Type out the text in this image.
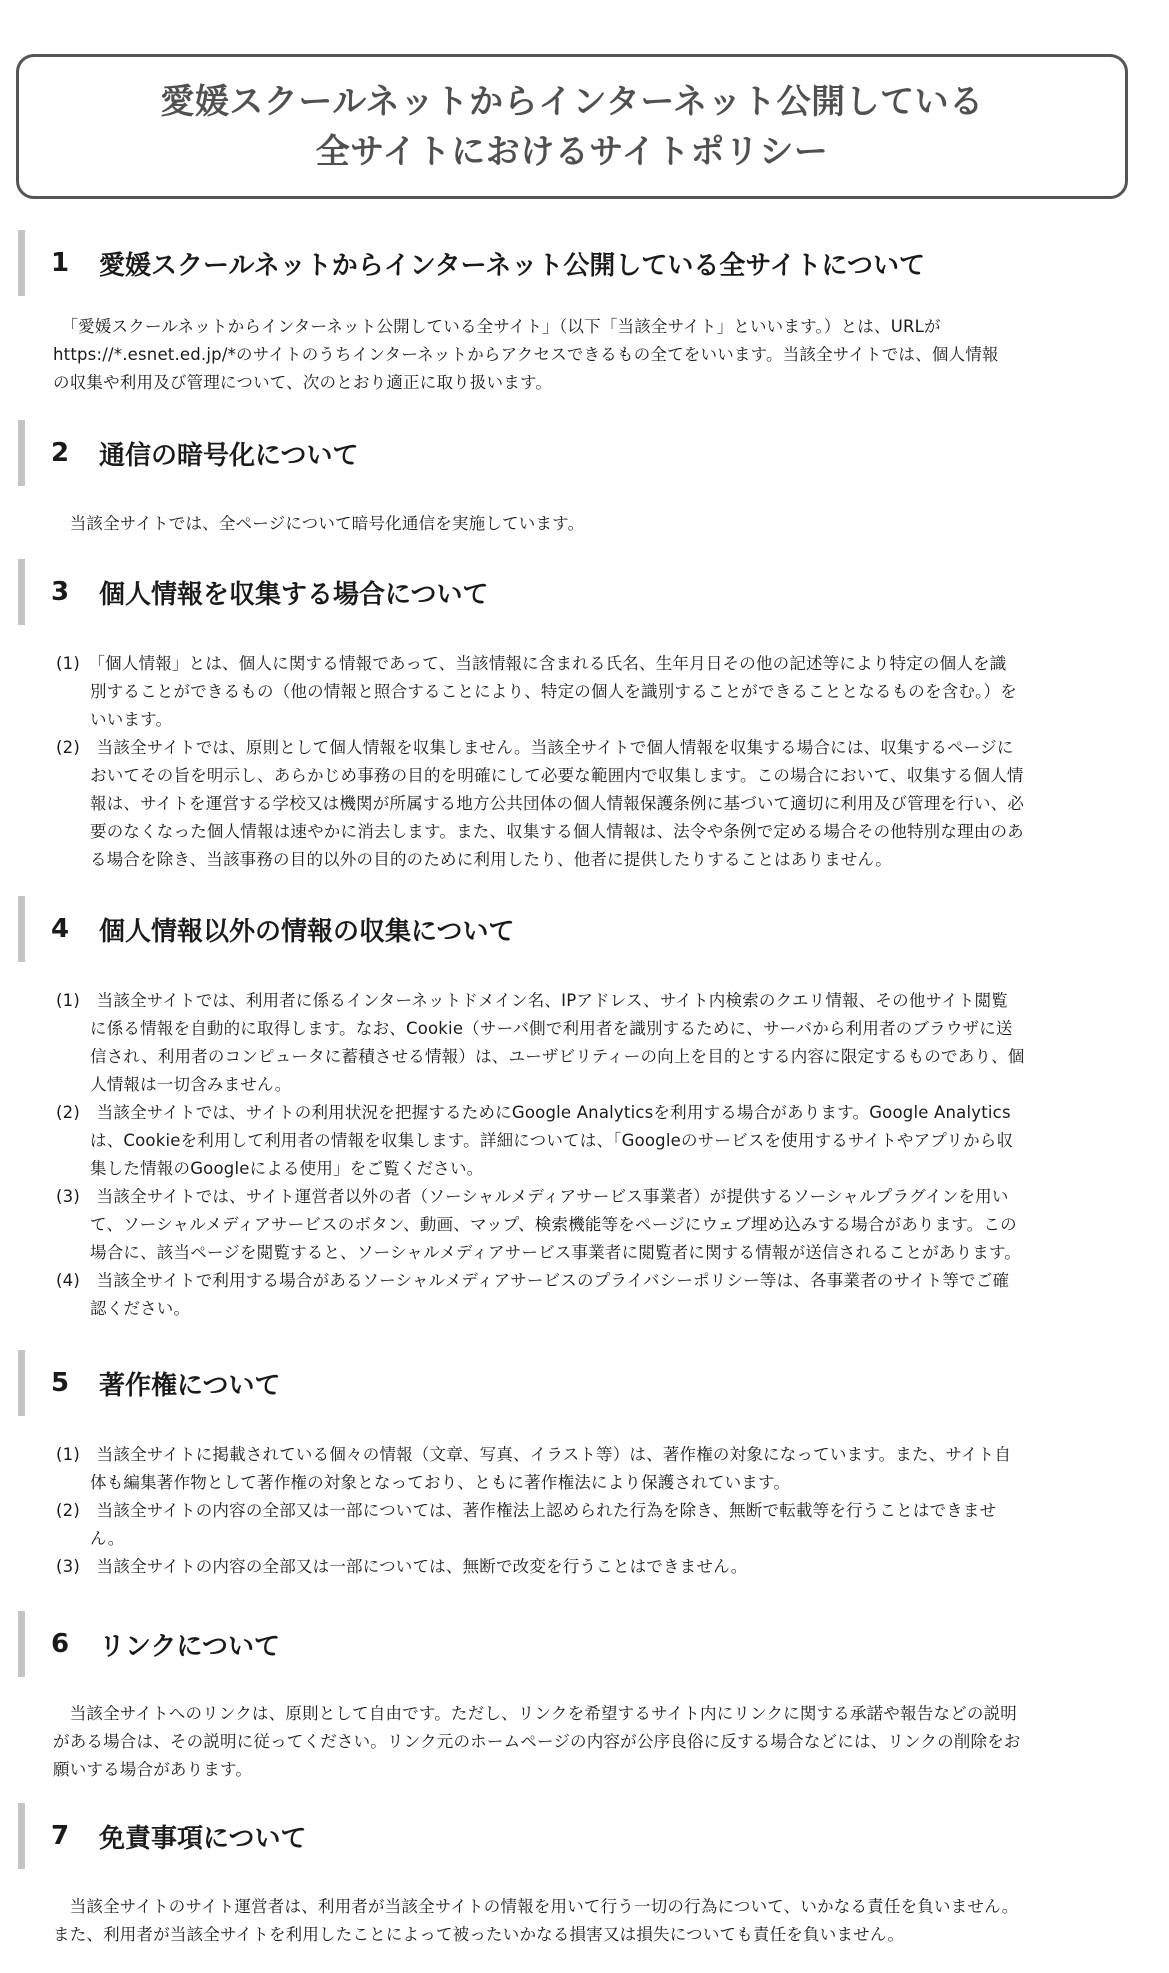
愛媛スクールネットからインターネット公開している
全サイトにおけるサイトポリシー
1	愛媛スクールネットからインターネット公開している全サイトについて
　「愛媛スクールネットからインターネット公開している全サイト」（以下「当該全サイト」といいます。）とは、URLが
https://*.esnet.ed.jp/*のサイトのうちインターネットからアクセスできるもの全てをいいます。当該全サイトでは、個人情報
の収集や利用及び管理について、次のとおり適正に取り扱います。
2	通信の暗号化について
　当該全サイトでは、全ページについて暗号化通信を実施しています。
3	個人情報を収集する場合について
(1)　「個人情報」とは、個人に関する情報であって、当該情報に含まれる氏名、生年月日その他の記述等により特定の個人を識
別することができるもの（他の情報と照合することにより、特定の個人を識別することができることとなるものを含む。）を
いいます。
(2)　当該全サイトでは、原則として個人情報を収集しません。当該全サイトで個人情報を収集する場合には、収集するページに
おいてその旨を明示し、あらかじめ事務の目的を明確にして必要な範囲内で収集します。この場合において、収集する個人情
報は、サイトを運営する学校又は機関が所属する地方公共団体の個人情報保護条例に基づいて適切に利用及び管理を行い、必
要のなくなった個人情報は速やかに消去します。また、収集する個人情報は、法令や条例で定める場合その他特別な理由のあ
る場合を除き、当該事務の目的以外の目的のために利用したり、他者に提供したりすることはありません。
4	個人情報以外の情報の収集について
(1)　当該全サイトでは、利用者に係るインターネットドメイン名、IPアドレス、サイト内検索のクエリ情報、その他サイト閲覧
に係る情報を自動的に取得します。なお、Cookie（サーバ側で利用者を識別するために、サーバから利用者のブラウザに送
信され、利用者のコンピュータに蓄積させる情報）は、ユーザビリティーの向上を目的とする内容に限定するものであり、個
人情報は一切含みません。
(2)　当該全サイトでは、サイトの利用状況を把握するためにGoogle Analyticsを利用する場合があります。Google Analytics
は、Cookieを利用して利用者の情報を収集します。詳細については、「Googleのサービスを使用するサイトやアプリから収
集した情報のGoogleによる使用」をご覧ください。
(3)　当該全サイトでは、サイト運営者以外の者（ソーシャルメディアサービス事業者）が提供するソーシャルプラグインを用い
て、ソーシャルメディアサービスのボタン、動画、マップ、検索機能等をページにウェブ埋め込みする場合があります。この
場合に、該当ページを閲覧すると、ソーシャルメディアサービス事業者に閲覧者に関する情報が送信されることがあります。
(4)　当該全サイトで利用する場合があるソーシャルメディアサービスのプライバシーポリシー等は、各事業者のサイト等でご確
認ください。
5	著作権について
(1)　当該全サイトに掲載されている個々の情報（文章、写真、イラスト等）は、著作権の対象になっています。また、サイト自
体も編集著作物として著作権の対象となっており、ともに著作権法により保護されています。
(2)　当該全サイトの内容の全部又は一部については、著作権法上認められた行為を除き、無断で転載等を行うことはできませ
ん。
(3)　当該全サイトの内容の全部又は一部については、無断で改変を行うことはできません。
6	リンクについて
　当該全サイトへのリンクは、原則として自由です。ただし、リンクを希望するサイト内にリンクに関する承諾や報告などの説明
がある場合は、その説明に従ってください。リンク元のホームページの内容が公序良俗に反する場合などには、リンクの削除をお
願いする場合があります。
7	免責事項について
　当該全サイトのサイト運営者は、利用者が当該全サイトの情報を用いて行う一切の行為について、いかなる責任を負いません。
また、利用者が当該全サイトを利用したことによって被ったいかなる損害又は損失についても責任を負いません。
